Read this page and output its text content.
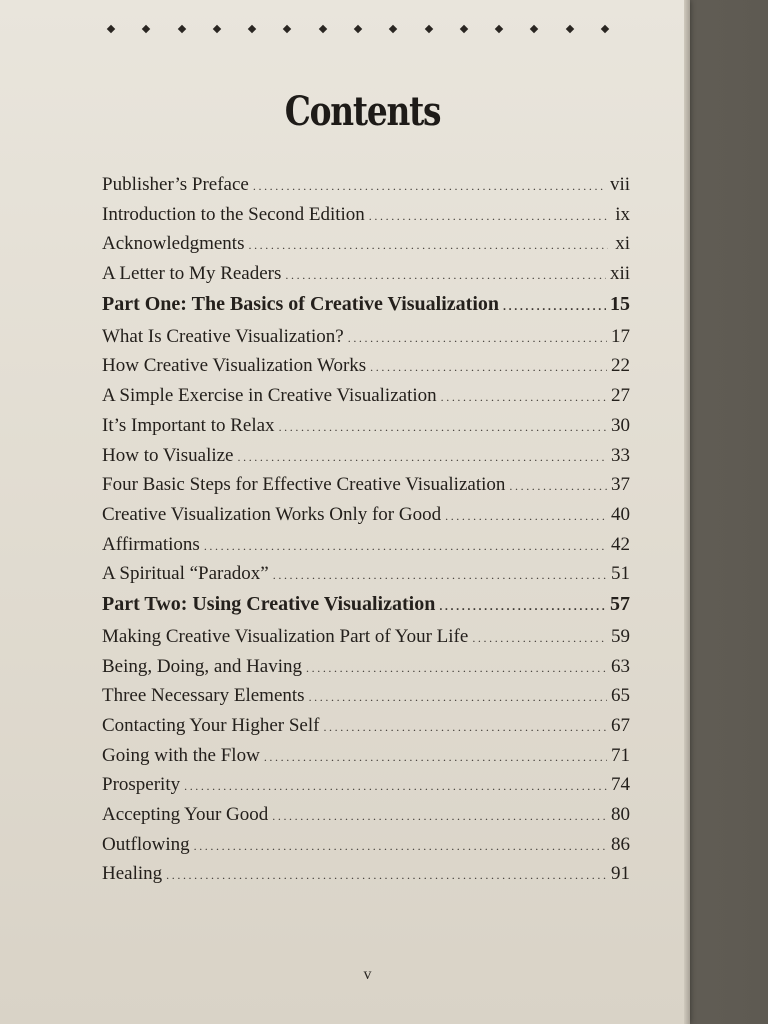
Contents
Publisher’s Preface .....	vii
Introduction to the Second Edition .....	ix
Acknowledgments .....	xi
A Letter to My Readers .....	xii
Part One: The Basics of Creative Visualization .....	15
What Is Creative Visualization? .....	17
How Creative Visualization Works .....	22
A Simple Exercise in Creative Visualization .....	27
It’s Important to Relax .....	30
How to Visualize .....	33
Four Basic Steps for Effective Creative Visualization .....	37
Creative Visualization Works Only for Good .....	40
Affirmations .....	42
A Spiritual “Paradox” .....	51
Part Two: Using Creative Visualization .....	57
Making Creative Visualization Part of Your Life .....	59
Being, Doing, and Having .....	63
Three Necessary Elements .....	65
Contacting Your Higher Self .....	67
Going with the Flow .....	71
Prosperity .....	74
Accepting Your Good .....	80
Outflowing .....	86
Healing .....	91
v
